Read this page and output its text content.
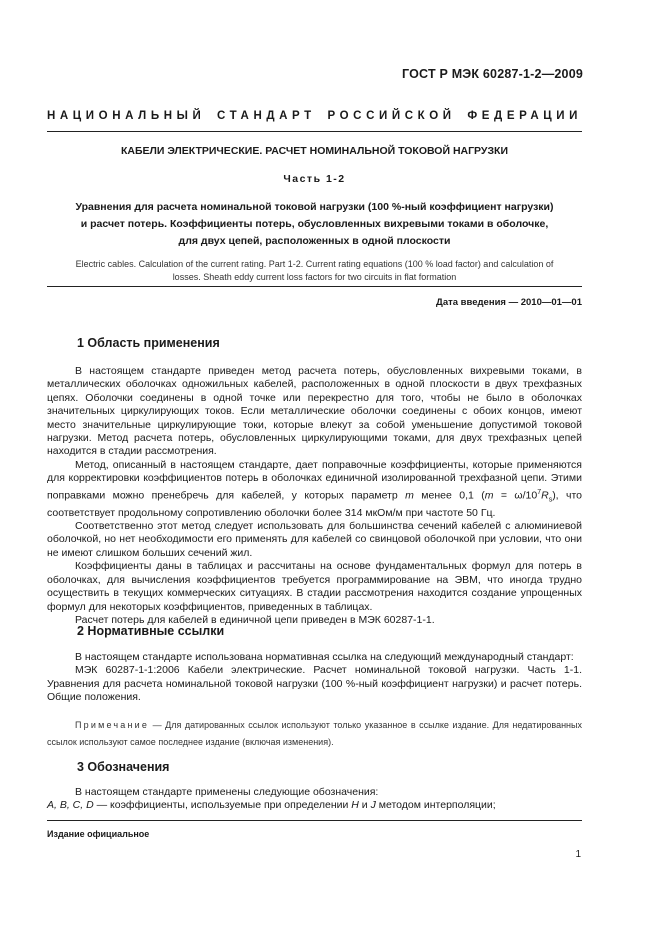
ГОСТ Р МЭК 60287-1-2—2009
НАЦИОНАЛЬНЫЙ СТАНДАРТ РОССИЙСКОЙ ФЕДЕРАЦИИ
КАБЕЛИ ЭЛЕКТРИЧЕСКИЕ. РАСЧЕТ НОМИНАЛЬНОЙ ТОКОВОЙ НАГРУЗКИ
Часть 1-2
Уравнения для расчета номинальной токовой нагрузки (100 %-ный коэффициент нагрузки)
и расчет потерь. Коэффициенты потерь, обусловленных вихревыми токами в оболочке,
для двух цепей, расположенных в одной плоскости
Electric cables. Calculation of the current rating. Part 1-2. Current rating equations (100 % load factor) and calculation of
losses. Sheath eddy current loss factors for two circuits in flat formation
Дата введения — 2010—01—01
1 Область применения

В настоящем стандарте приведен метод расчета потерь, обусловленных вихревыми токами, в металлических оболочках одножильных кабелей, расположенных в одной плоскости в двух трехфазных цепях. Оболочки соединены в одной точке или перекрестно для того, чтобы не было в оболочках значительных циркулирующих токов. Если металлические оболочки соединены с обоих концов, имеют место значительные циркулирующие токи, которые влекут за собой уменьшение допустимой токовой нагрузки. Метод расчета потерь, обусловленных циркулирующими токами, для двух трехфазных цепей находится в стадии рассмотрения.

Метод, описанный в настоящем стандарте, дает поправочные коэффициенты, которые применяются для корректировки коэффициентов потерь в оболочках единичной изолированной трехфазной цепи. Этими поправками можно пренебречь для кабелей, у которых параметр m менее 0,1 $(m = \omega/10^7R_s)$, что соответствует продольному сопротивлению оболочки более 314 мкОм/м при частоте 50 Гц.

Соответственно этот метод следует использовать для большинства сечений кабелей с алюминиевой оболочкой, но нет необходимости его применять для кабелей со свинцовой оболочкой при условии, что они не имеют слишком больших сечений жил.

Коэффициенты даны в таблицах и рассчитаны на основе фундаментальных формул для потерь в оболочках, для вычисления коэффициентов требуется программирование на ЭВМ, что иногда трудно осуществить в текущих коммерческих ситуациях. В стадии рассмотрения находится создание упрощенных формул для некоторых коэффициентов, приведенных в таблицах.

Расчет потерь для кабелей в единичной цепи приведен в МЭК 60287-1-1.

2 Нормативные ссылки

В настоящем стандарте использована нормативная ссылка на следующий международный стандарт:

МЭК 60287-1-1:2006 Кабели электрические. Расчет номинальной токовой нагрузки. Часть 1-1. Уравнения для расчета номинальной токовой нагрузки (100 %-ный коэффициент нагрузки) и расчет потерь. Общие положения.

Примечание — Для датированных ссылок используют только указанное в ссылке издание. Для недатированных ссылок используют самое последнее издание (включая изменения).
3 Обозначения

В настоящем стандарте применены следующие обозначения:

A, B, C, D — коэффициенты, используемые при определении H и J методом интерполяции;

Издание официальное
1
